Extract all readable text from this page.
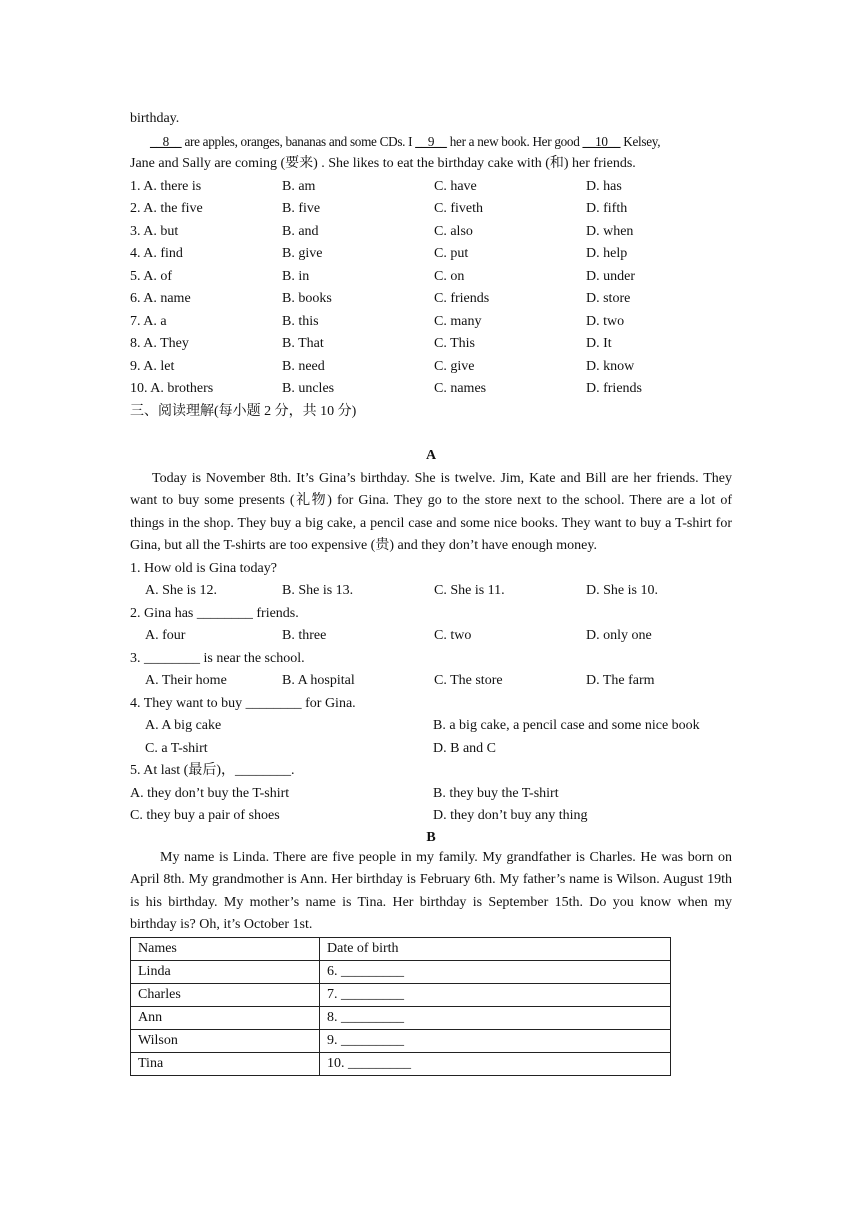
birthday.
__8__ are apples, oranges, bananas and some CDs. I __9__ her a new book. Her good __10__ Kelsey,
Jane and Sally are coming (要来) . She likes to eat the birthday cake with (和) her friends.
1. A. there is	B. am	C. have	D. has
2. A. the five	B. five	C. fiveth	D. fifth
3. A. but	B. and	C. also	D. when
4. A. find	B. give	C. put	D. help
5. A. of	B. in	C. on	D. under
6. A. name	B. books	C. friends	D. store
7. A. a	B. this	C. many	D. two
8. A. They	B. That	C. This	D. It
9. A. let	B. need	C. give	D. know
10. A. brothers	B. uncles	C. names	D. friends
三、阅读理解(每小题 2 分，共 10 分)
A
Today is November 8th. It’s Gina’s birthday. She is twelve. Jim, Kate and Bill are her friends. They want to buy some presents (礼物) for Gina. They go to the store next to the school. There are a lot of things in the shop. They buy a big cake, a pencil case and some nice books. They want to buy a T-shirt for Gina, but all the T-shirts are too expensive (贵) and they don’t have enough money.
1. How old is Gina today?
A. She is 12.	B. She is 13.	C. She is 11.	D. She is 10.
2. Gina has ________ friends.
A. four	B. three	C. two	D. only one
3. ________ is near the school.
A. Their home	B. A hospital	C. The store	D. The farm
4. They want to buy ________ for Gina.
A. A big cake	B. a big cake, a pencil case and some nice book
C. a T-shirt	D. B and C
5. At last (最后)，________.
A. they don’t buy the T-shirt	B. they buy the T-shirt
C. they buy a pair of shoes	D. they don’t buy any thing
B
My name is Linda. There are five people in my family. My grandfather is Charles. He was born on April 8th. My grandmother is Ann. Her birthday is February 6th. My father’s name is Wilson. August 19th is his birthday. My mother’s name is Tina. Her birthday is September 15th. Do you know when my birthday is? Oh, it’s October 1st.
Names	Date of birth
Linda	6. _________
Charles	7. _________
Ann	8. _________
Wilson	9. _________
Tina	10. _________
